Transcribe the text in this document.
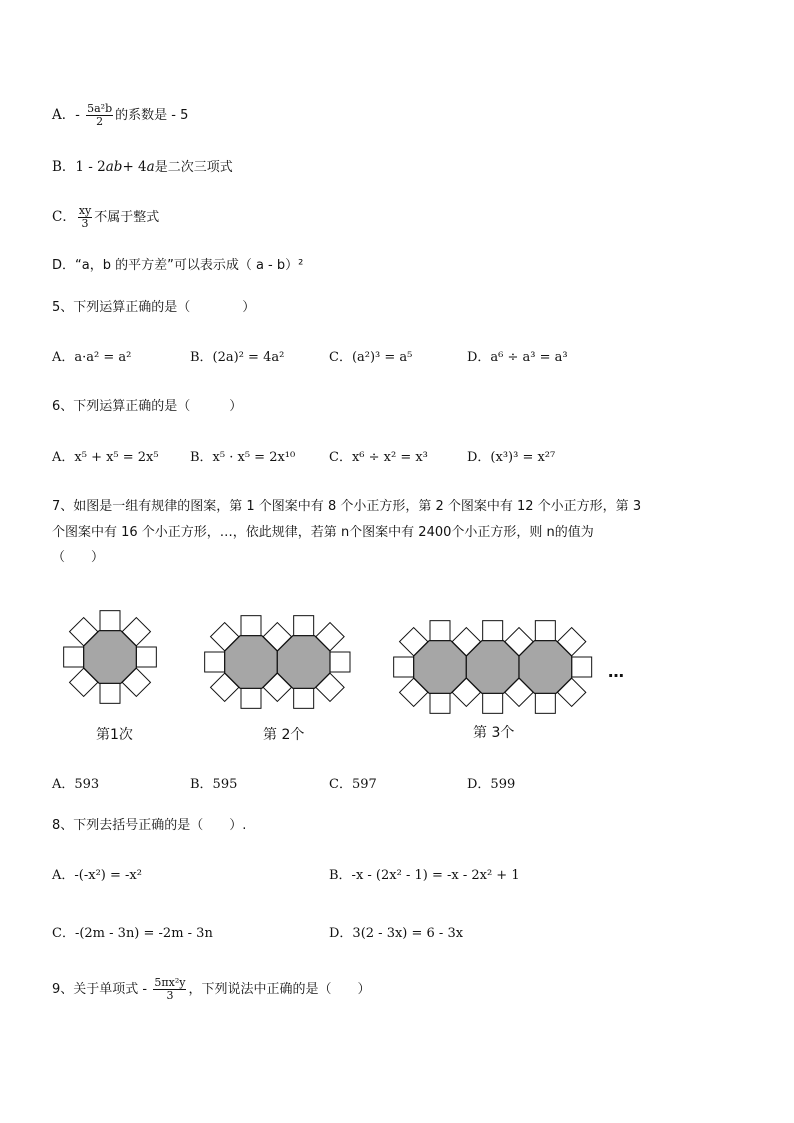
A．- $\frac{\text{5a²b}}{2}$ 的系数是 - 5
B．1 - 2ab+ 4a是二次三项式
C． $\frac{xy}{3}$ 不属于整式
D．“a，b 的平方差”可以表示成（ a - b）²
5、下列运算正确的是（　　　　）
A．a·a² = a²	B．(2a)² = 4a²	C．(a²)³ = a⁵	D．a⁶ ÷ a³ = a³
6、下列运算正确的是（　　　）
A．x⁵ + x⁵ = 2x⁵ B．x⁵ · x⁵ = 2x¹⁰	C．x⁶ ÷ x² = x³	D．(x³)³ = x²⁷
7、如图是一组有规律的图案，第 1 个图案中有 8 个小正方形，第 2 个图案中有 12 个小正方形，第 3
个图案中有 16 个小正方形，…，依此规律，若第 n个图案中有 2400个小正方形，则 n的值为
（　　）
第1次	第 2个	第 3个
…
A．593	B．595	C．597	D．599
8、下列去括号正确的是（　　）.
A．-(-x²) = -x²	B．-x - (2x² - 1) = -x - 2x² + 1
C．-(2m - 3n) = -2m - 3n	D．3(2 - 3x) = 6 - 3x
9、关于单项式 - $\frac{\text{5πx²y}}{3}$ ，下列说法中正确的是（　　）
